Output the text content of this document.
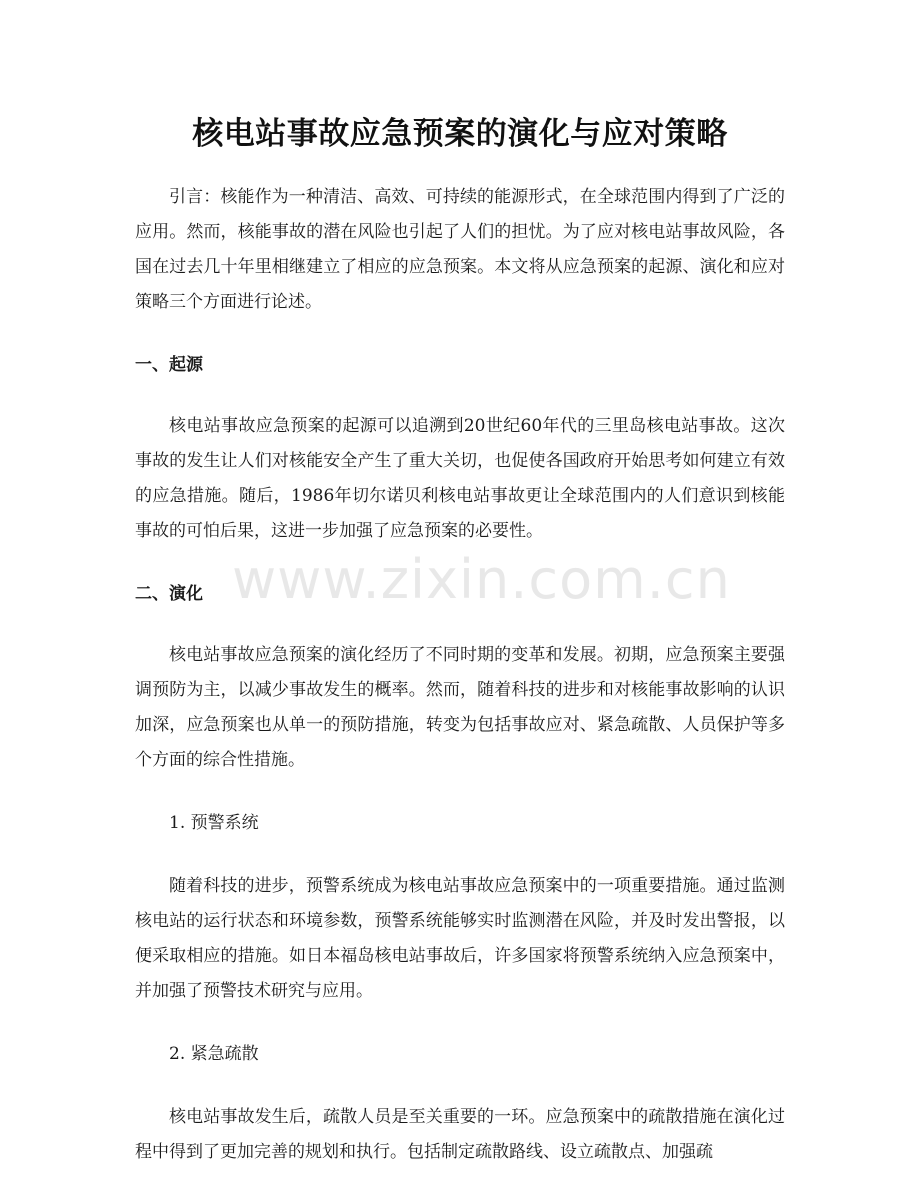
核电站事故应急预案的演化与应对策略

引言：核能作为一种清洁、高效、可持续的能源形式，在全球范围内得到了广泛的应用。然而，核能事故的潜在风险也引起了人们的担忧。为了应对核电站事故风险，各国在过去几十年里相继建立了相应的应急预案。本文将从应急预案的起源、演化和应对策略三个方面进行论述。

一、起源

核电站事故应急预案的起源可以追溯到20世纪60年代的三里岛核电站事故。这次事故的发生让人们对核能安全产生了重大关切，也促使各国政府开始思考如何建立有效的应急措施。随后，1986年切尔诺贝利核电站事故更让全球范围内的人们意识到核能事故的可怕后果，这进一步加强了应急预案的必要性。

二、演化

核电站事故应急预案的演化经历了不同时期的变革和发展。初期，应急预案主要强调预防为主，以减少事故发生的概率。然而，随着科技的进步和对核能事故影响的认识加深，应急预案也从单一的预防措施，转变为包括事故应对、紧急疏散、人员保护等多个方面的综合性措施。

1. 预警系统

随着科技的进步，预警系统成为核电站事故应急预案中的一项重要措施。通过监测核电站的运行状态和环境参数，预警系统能够实时监测潜在风险，并及时发出警报，以便采取相应的措施。如日本福岛核电站事故后，许多国家将预警系统纳入应急预案中，并加强了预警技术研究与应用。

2. 紧急疏散

核电站事故发生后，疏散人员是至关重要的一环。应急预案中的疏散措施在演化过程中得到了更加完善的规划和执行。包括制定疏散路线、设立疏散点、加强疏

www.zixin.com.cn
